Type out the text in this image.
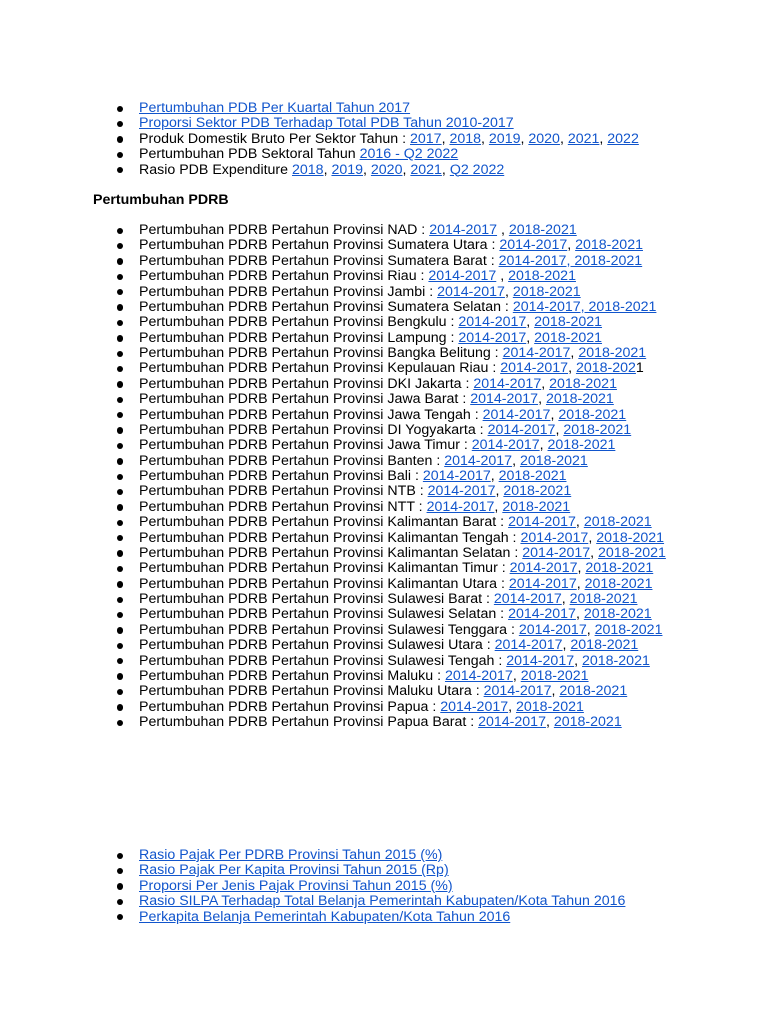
Pertumbuhan PDB Per Kuartal Tahun 2017
Proporsi Sektor PDB Terhadap Total PDB Tahun 2010-2017
Produk Domestik Bruto Per Sektor Tahun : 2017, 2018, 2019, 2020, 2021, 2022
Pertumbuhan PDB Sektoral Tahun 2016 - Q2 2022
Rasio PDB Expenditure 2018, 2019, 2020, 2021, Q2 2022
Pertumbuhan PDRB
Pertumbuhan PDRB Pertahun Provinsi NAD : 2014-2017 , 2018-2021
Pertumbuhan PDRB Pertahun Provinsi Sumatera Utara : 2014-2017, 2018-2021
Pertumbuhan PDRB Pertahun Provinsi Sumatera Barat : 2014-2017, 2018-2021
Pertumbuhan PDRB Pertahun Provinsi Riau : 2014-2017 , 2018-2021
Pertumbuhan PDRB Pertahun Provinsi Jambi : 2014-2017, 2018-2021
Pertumbuhan PDRB Pertahun Provinsi Sumatera Selatan : 2014-2017, 2018-2021
Pertumbuhan PDRB Pertahun Provinsi Bengkulu : 2014-2017, 2018-2021
Pertumbuhan PDRB Pertahun Provinsi Lampung : 2014-2017, 2018-2021
Pertumbuhan PDRB Pertahun Provinsi Bangka Belitung : 2014-2017, 2018-2021
Pertumbuhan PDRB Pertahun Provinsi Kepulauan Riau : 2014-2017, 2018-2021
Pertumbuhan PDRB Pertahun Provinsi DKI Jakarta : 2014-2017, 2018-2021
Pertumbuhan PDRB Pertahun Provinsi Jawa Barat : 2014-2017, 2018-2021
Pertumbuhan PDRB Pertahun Provinsi Jawa Tengah : 2014-2017, 2018-2021
Pertumbuhan PDRB Pertahun Provinsi DI Yogyakarta : 2014-2017, 2018-2021
Pertumbuhan PDRB Pertahun Provinsi Jawa Timur : 2014-2017, 2018-2021
Pertumbuhan PDRB Pertahun Provinsi Banten : 2014-2017, 2018-2021
Pertumbuhan PDRB Pertahun Provinsi Bali : 2014-2017, 2018-2021
Pertumbuhan PDRB Pertahun Provinsi NTB : 2014-2017, 2018-2021
Pertumbuhan PDRB Pertahun Provinsi NTT : 2014-2017, 2018-2021
Pertumbuhan PDRB Pertahun Provinsi Kalimantan Barat : 2014-2017, 2018-2021
Pertumbuhan PDRB Pertahun Provinsi Kalimantan Tengah : 2014-2017, 2018-2021
Pertumbuhan PDRB Pertahun Provinsi Kalimantan Selatan : 2014-2017, 2018-2021
Pertumbuhan PDRB Pertahun Provinsi Kalimantan Timur : 2014-2017, 2018-2021
Pertumbuhan PDRB Pertahun Provinsi Kalimantan Utara : 2014-2017, 2018-2021
Pertumbuhan PDRB Pertahun Provinsi Sulawesi Barat : 2014-2017, 2018-2021
Pertumbuhan PDRB Pertahun Provinsi Sulawesi Selatan : 2014-2017, 2018-2021
Pertumbuhan PDRB Pertahun Provinsi Sulawesi Tenggara : 2014-2017, 2018-2021
Pertumbuhan PDRB Pertahun Provinsi Sulawesi Utara : 2014-2017, 2018-2021
Pertumbuhan PDRB Pertahun Provinsi Sulawesi Tengah : 2014-2017, 2018-2021
Pertumbuhan PDRB Pertahun Provinsi Maluku : 2014-2017, 2018-2021
Pertumbuhan PDRB Pertahun Provinsi Maluku Utara : 2014-2017, 2018-2021
Pertumbuhan PDRB Pertahun Provinsi Papua : 2014-2017, 2018-2021
Pertumbuhan PDRB Pertahun Provinsi Papua Barat : 2014-2017, 2018-2021
Rasio Pajak Per PDRB Provinsi Tahun 2015 (%)
Rasio Pajak Per Kapita Provinsi Tahun 2015 (Rp)
Proporsi Per Jenis Pajak Provinsi Tahun 2015 (%)
Rasio SILPA Terhadap Total Belanja Pemerintah Kabupaten/Kota Tahun 2016
Perkapita Belanja Pemerintah Kabupaten/Kota Tahun 2016
